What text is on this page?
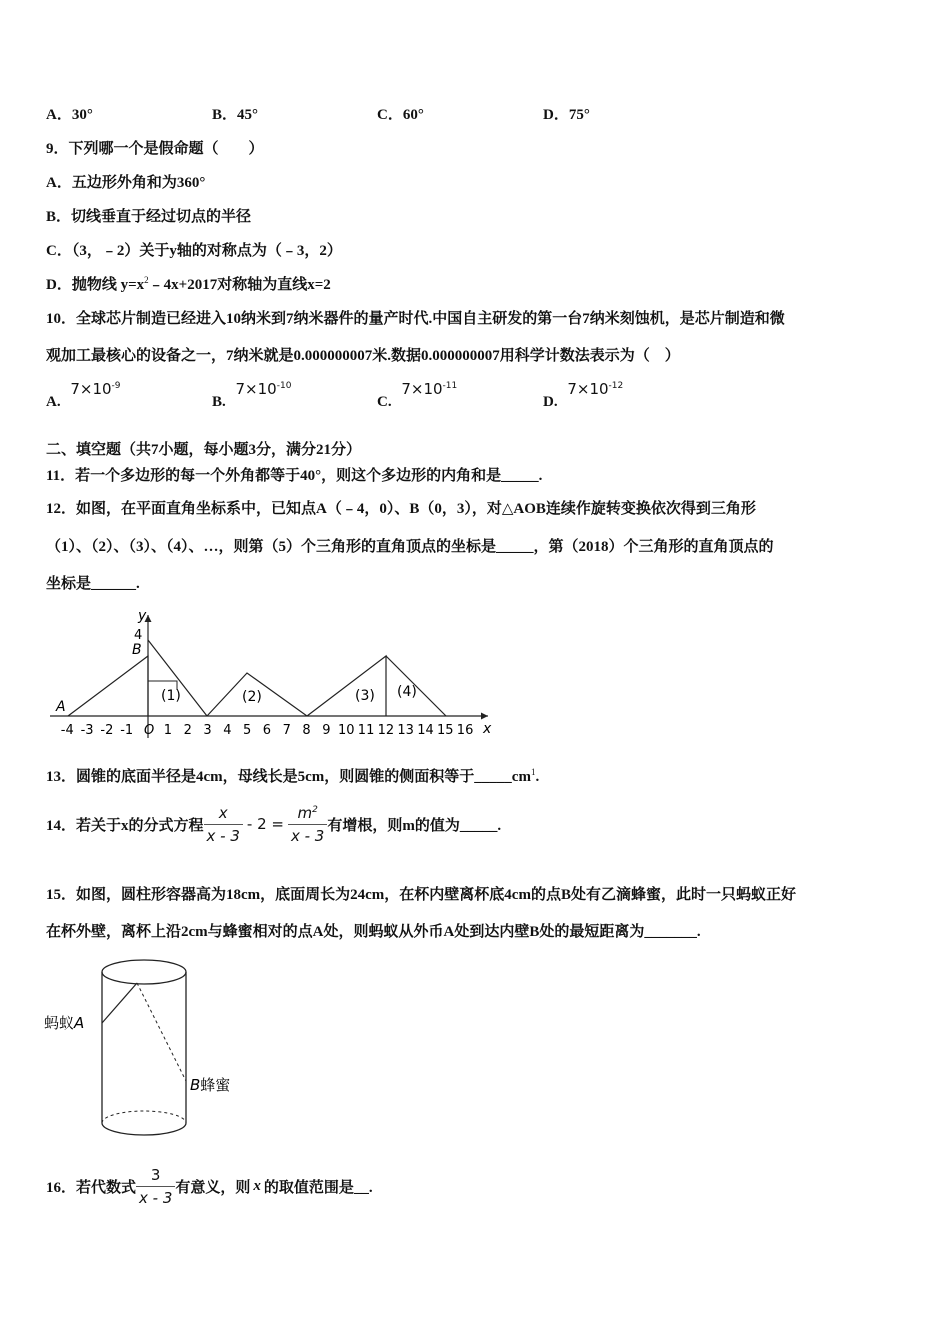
A．30°	B．45°	C．60°	D．75°
9．下列哪一个是假命题（　　）
A．五边形外角和为360°
B．切线垂直于经过切点的半径
C．（3，﹣2）关于y轴的对称点为（﹣3，2）
D．抛物线 $y=x^2﹣4x+2017$对称轴为直线x=2
10．全球芯片制造已经进入10纳米到7纳米器件的量产时代.中国自主研发的第一台7纳米刻蚀机，是芯片制造和微
观加工最核心的设备之一，7纳米就是0.000000007米.数据0.000000007用科学计数法表示为（　）
A. $7\times 10^{-9}$
B. $7\times 10^{-10}$
C. $7\times 10^{-11}$
D. $7\times 10^{-12}$
二、填空题（共7小题，每小题3分，满分21分）
11．若一个多边形的每一个外角都等于40°，则这个多边形的内角和是_____.
12．如图，在平面直角坐标系中，已知点A（﹣4，0）、B（0，3），对△AOB连续作旋转变换依次得到三角形
（1）、（2）、（3）、（4）、…，则第（5）个三角形的直角顶点的坐标是_____，第（2018）个三角形的直角顶点的
坐标是______.
y
x
4
B
A
(1)	(2)	(3) (4)
-4 -3 -2 -1 O 1 2 3 4 5 6 7 8 9 10 11 12 13 14 15 16
13．圆锥的底面半径是4cm，母线长是5cm，则圆锥的侧面积等于$\_\_\_\_\_cm^1$.
14．若关于x的分式方程 $\frac{x}{x - 3} - 2 = \frac{m^2}{x - 3}$ 有增根，则m的值为_____.
15．如图，圆柱形容器高为18cm，底面周长为24cm，在杯内壁离杯底4cm的点B处有乙滴蜂蜜，此时一只蚂蚁正好
在杯外壁，离杯上沿2cm与蜂蜜相对的点A处，则蚂蚁从外币A处到达内壁B处的最短距离为_______.
蚂蚁A
B蜂蜜
16．若代数式 $\frac{3}{x - 3}$ 有意义，则 x 的取值范围是__.
